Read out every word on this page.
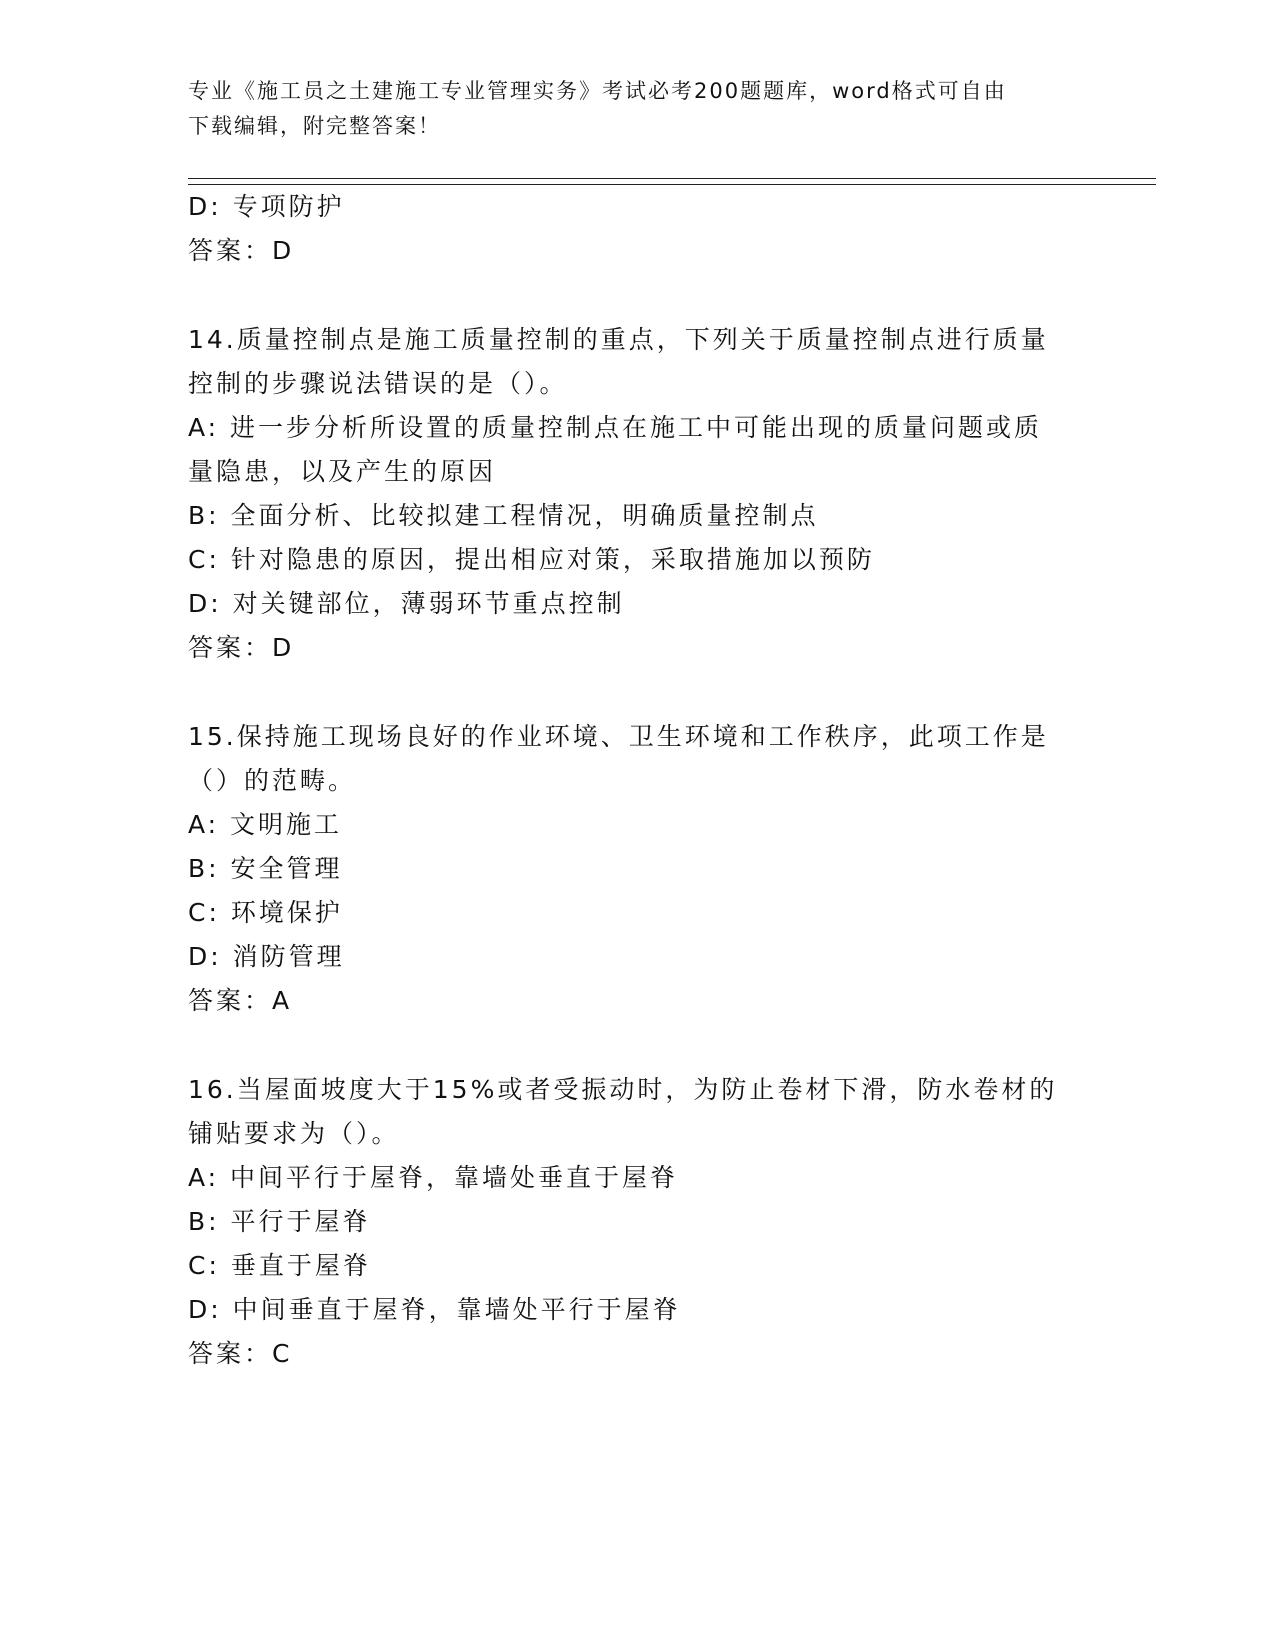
专业《施工员之土建施工专业管理实务》考试必考200题题库，word格式可自由
下载编辑，附完整答案！
D: 专项防护
答案：D
14.质量控制点是施工质量控制的重点，下列关于质量控制点进行质量
控制的步骤说法错误的是（）。
A: 进一步分析所设置的质量控制点在施工中可能出现的质量问题或质
量隐患，以及产生的原因
B: 全面分析、比较拟建工程情况，明确质量控制点
C: 针对隐患的原因，提出相应对策，采取措施加以预防
D: 对关键部位，薄弱环节重点控制
答案：D
15.保持施工现场良好的作业环境、卫生环境和工作秩序，此项工作是
（）的范畴。
A: 文明施工
B: 安全管理
C: 环境保护
D: 消防管理
答案：A
16.当屋面坡度大于15%或者受振动时，为防止卷材下滑，防水卷材的
铺贴要求为（）。
A: 中间平行于屋脊，靠墙处垂直于屋脊
B: 平行于屋脊
C: 垂直于屋脊
D: 中间垂直于屋脊，靠墙处平行于屋脊
答案：C
